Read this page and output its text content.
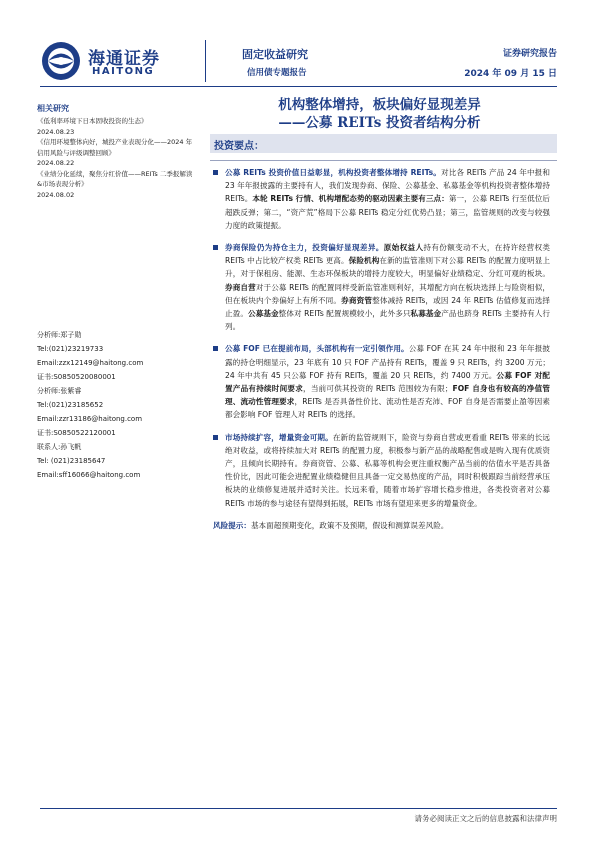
海通证券
HAITONG
固定收益研究
信用债专题报告
证券研究报告
2024 年 09 月 15 日
相关研究
《低利率环境下日本固收投资的生态》
2024.08.23
《信用环境整体向好，城投产业表现分化——2024 年信用风险与评级调整回顾》
2024.08.22
《业绩分化延续，聚焦分红价值——REITs 二季报解读&市场表现分析》
2024.08.02
分析师:郑子勋
Tel:(021)23219733
Email:zzx12149@haitong.com
证书:S0850520080001
分析师:张紫睿
Tel:(021)23185652
Email:zzr13186@haitong.com
证书:S0850522120001
联系人:孙飞帆
Tel: (021)23185647
Email:sff16066@haitong.com
机构整体增持，板块偏好显现差异
——公募 REITs 投资者结构分析
投资要点：
公募 REITs 投资价值日益彰显，机构投资者整体增持 REITs。对比各 REITs 产品 24 年中报和 23 年年报披露的主要持有人，我们发现券商、保险、公募基金、私募基金等机构投资者整体增持 REITs。本轮 REITs 行情、机构增配态势的驱动因素主要有三点：第一，公募 REITs 行至低位后超跌反弹；第二，“资产荒”格局下公募 REITs 稳定分红优势凸显；第三，监管规则的改变与较强力度的政策提振。
券商保险仍为持仓主力，投资偏好显现差异。原始权益人持有份额变动不大，在持许经营权类 REITs 中占比较产权类 REITs 更高。保险机构在新的监管准则下对公募 REITs 的配置力度明显上升，对于保租房、能源、生态环保板块的增持力度较大，明显偏好业绩稳定、分红可观的板块。券商自营对于公募 REITs 的配置同样受新监管准则利好，其增配方向在板块选择上与险资相似，但在板块内个券偏好上有所不同。券商资管整体减持 REITs，或因 24 年 REITs 估值修复而选择止盈。公募基金整体对 REITs 配置规模较小，此外多只私募基金产品也跻身 REITs 主要持有人行列。
公募 FOF 已在提前布局，头部机构有一定引领作用。公募 FOF 在其 24 年中报和 23 年年报披露的持仓明细显示，23 年底有 10 只 FOF 产品持有 REITs，覆盖 9 只 REITs，约 3200 万元；24 年中共有 45 只公募 FOF 持有 REITs，覆盖 20 只 REITs，约 7400 万元。公募 FOF 对配置产品有持续时间要求，当前可供其投资的 REITs 范围较为有限；FOF 自身也有较高的净值管理、流动性管理要求，REITs 是否具备性价比、流动性是否充沛、FOF 自身是否需要止盈等因素都会影响 FOF 管理人对 REITs 的选择。
市场持续扩容，增量资金可期。在新的监管规则下，险资与券商自营或更看重 REITs 带来的长远绝对收益，或将持续加大对 REITs 的配置力度，积极参与新产品的战略配售或是购入现有优质资产，且倾向长期持有。券商资管、公募、私募等机构会更注重权衡产品当前的估值水平是否具备性价比，因此可能会进配置业绩稳健但且具备一定交易热度的产品，同时积极跟踪当前经营承压板块的业绩修复进展并适时关注。长远来看，随着市场扩容增长稳步推进，各类投资者对公募 REITs 市场的参与途径有望得到拓展，REITs 市场有望迎来更多的增量资金。
风险提示：基本面超预期变化，政策不及预期，假设和测算误差风险。
请务必阅读正文之后的信息披露和法律声明
